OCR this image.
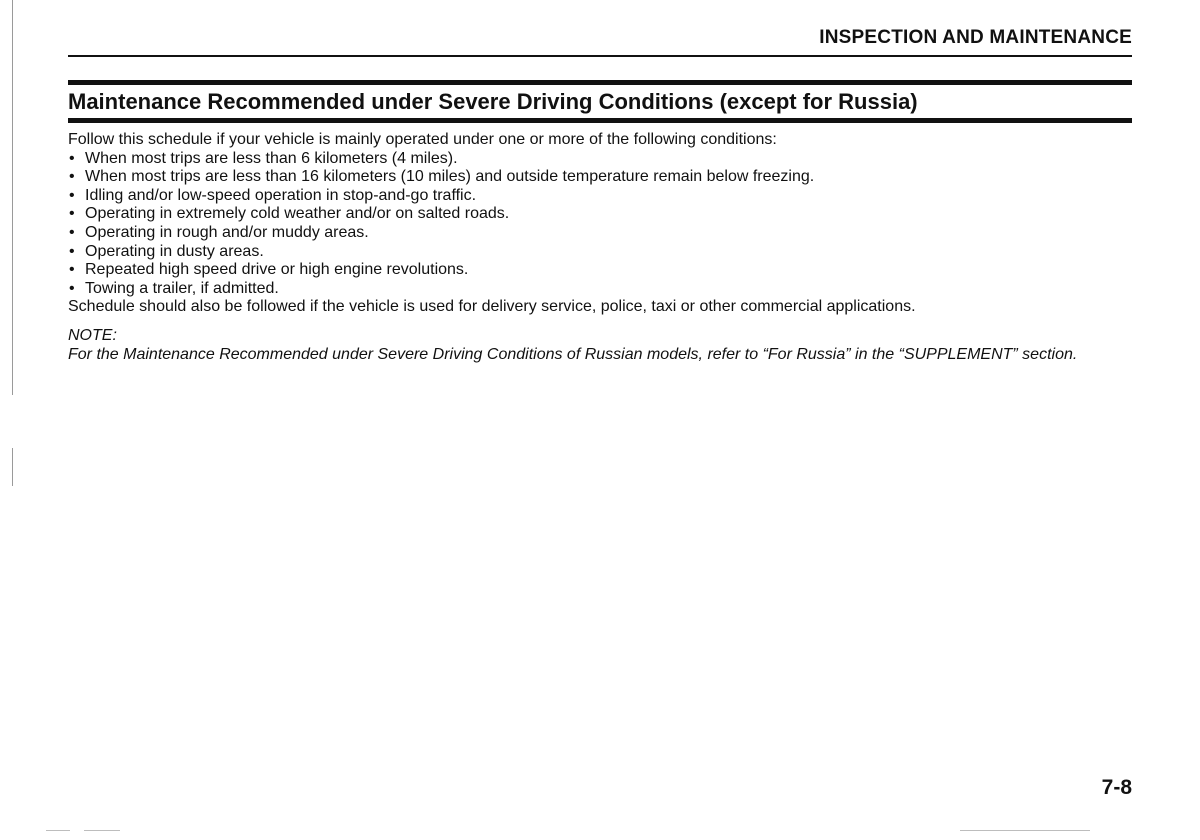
INSPECTION AND MAINTENANCE
Maintenance Recommended under Severe Driving Conditions (except for Russia)

Follow this schedule if your vehicle is mainly operated under one or more of the following conditions:

• When most trips are less than 6 kilometers (4 miles).
• When most trips are less than 16 kilometers (10 miles) and outside temperature remain below freezing.
• Idling and/or low-speed operation in stop-and-go traffic.
• Operating in extremely cold weather and/or on salted roads.
• Operating in rough and/or muddy areas.
• Operating in dusty areas.
• Repeated high speed drive or high engine revolutions.
• Towing a trailer, if admitted.

Schedule should also be followed if the vehicle is used for delivery service, police, taxi or other commercial applications.

NOTE:

For the Maintenance Recommended under Severe Driving Conditions of Russian models, refer to “For Russia” in the “SUPPLEMENT” section.

7-8
